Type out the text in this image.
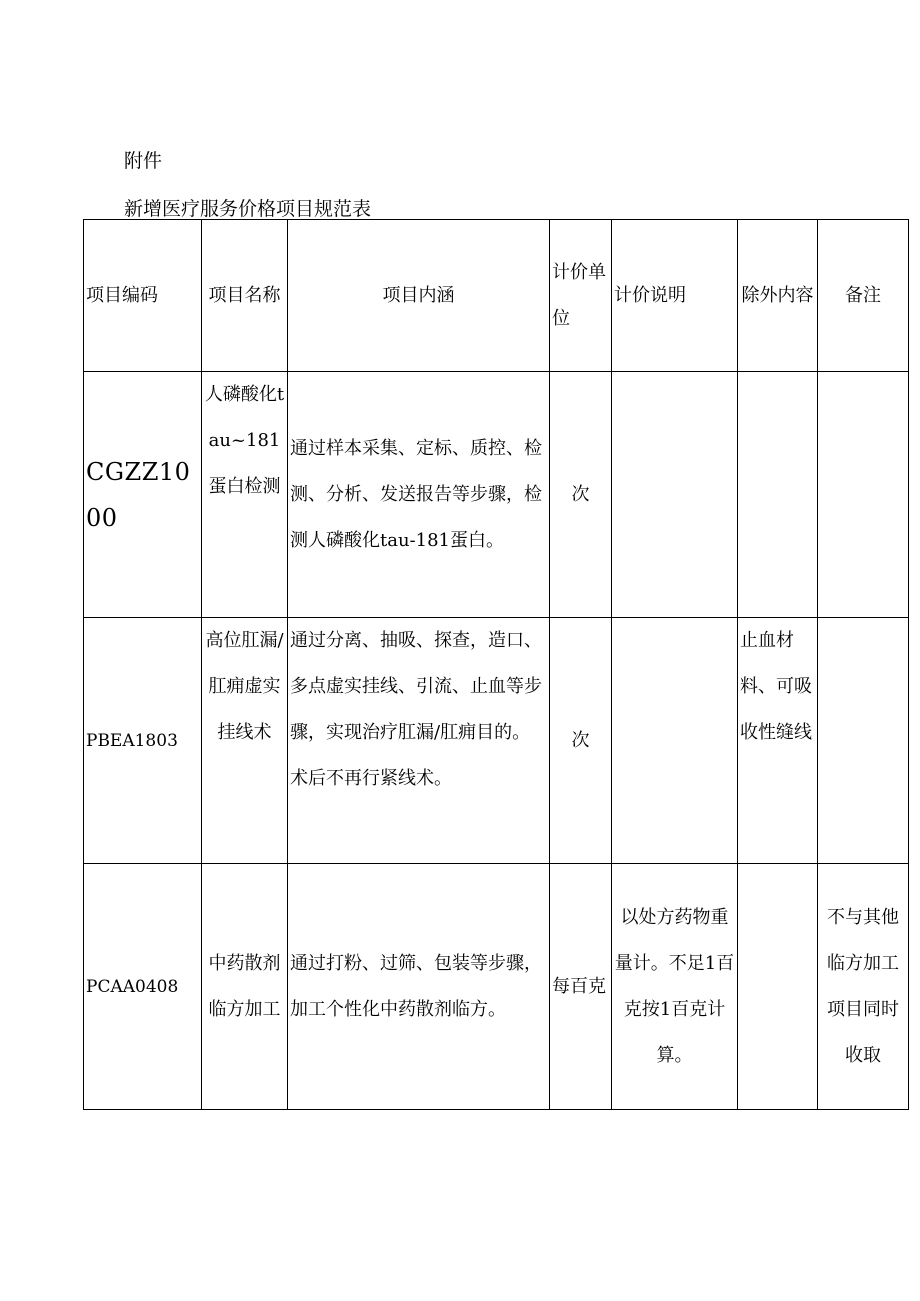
附件
新增医疗服务价格项目规范表
项目编码	项目名称	项目内涵	计价单位	计价说明	除外内容	备注
CGZZ1000	人磷酸化tau~181蛋白检测	通过样本采集、定标、质控、检测、分析、发送报告等步骤，检测人磷酸化tau-181蛋白。	次			
PBEA1803	高位肛漏/肛痈虚实挂线术	通过分离、抽吸、探查，造口、多点虚实挂线、引流、止血等步骤，实现治疗肛漏/肛痈目的。术后不再行紧线术。	次		止血材料、可吸收性缝线	
PCAA0408	中药散剂临方加工	通过打粉、过筛、包装等步骤，加工个性化中药散剂临方。	每百克	以处方药物重量计。不足1百克按1百克计算。		不与其他临方加工项目同时收取
